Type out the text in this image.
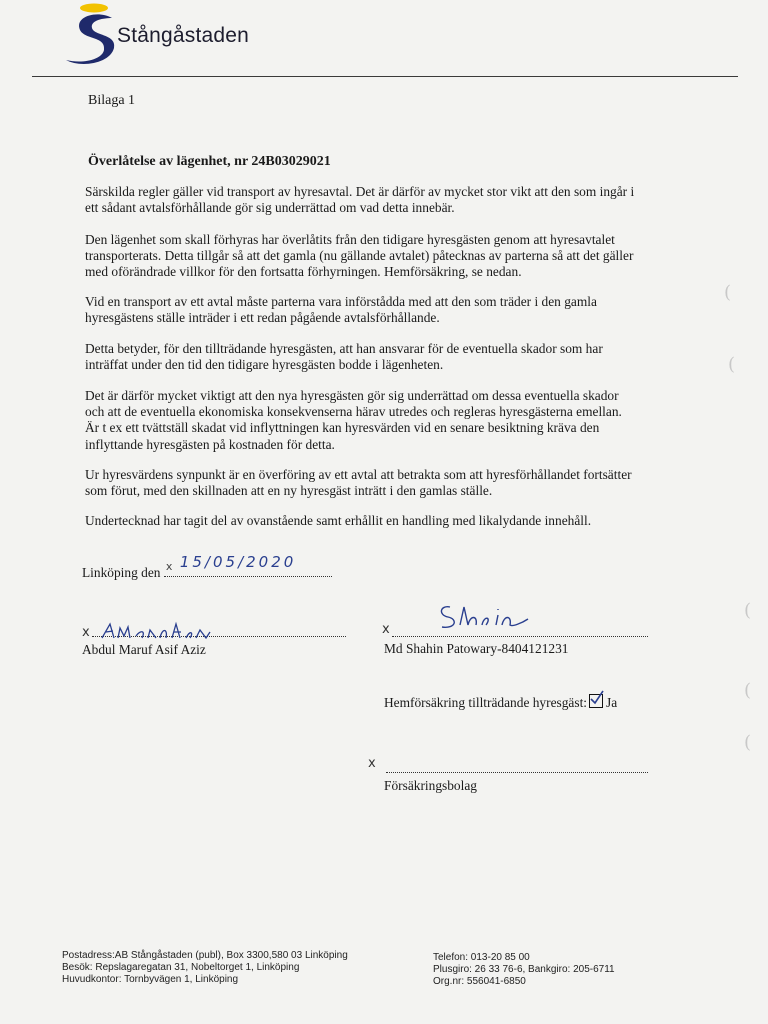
Stångåstaden
Bilaga 1
Överlåtelse av lägenhet, nr 24B03029021

Särskilda regler gäller vid transport av hyresavtal. Det är därför av mycket stor vikt att den som ingår i
ett sådant avtalsförhållande gör sig underrättad om vad detta innebär.

Den lägenhet som skall förhyras har överlåtits från den tidigare hyresgästen genom att hyresavtalet
transporterats. Detta tillgår så att det gamla (nu gällande avtalet) påtecknas av parterna så att det gäller
med oförändrade villkor för den fortsatta förhyrningen. Hemförsäkring, se nedan.

Vid en transport av ett avtal måste parterna vara införstådda med att den som träder i den gamla
hyresgästens ställe inträder i ett redan pågående avtalsförhållande.

Detta betyder, för den tillträdande hyresgästen, att han ansvarar för de eventuella skador som har
inträffat under den tid den tidigare hyresgästen bodde i lägenheten.

Det är därför mycket viktigt att den nya hyresgästen gör sig underrättad om dessa eventuella skador
och att de eventuella ekonomiska konsekvenserna härav utredes och regleras hyresgästerna emellan.
Är t ex ett tvättställ skadat vid inflyttningen kan hyresvärden vid en senare besiktning kräva den
inflyttande hyresgästen på kostnaden för detta.

Ur hyresvärdens synpunkt är en överföring av ett avtal att betrakta som att hyresförhållandet fortsätter
som förut, med den skillnaden att en ny hyresgäst inträtt i den gamlas ställe.

Undertecknad har tagit del av ovanstående samt erhållit en handling med likalydande innehåll.

Linköping den x 15/05/2020
x
Abdul Maruf Asif Aziz
x
Md Shahin Patowary-8404121231
Hemförsäkring tillträdande hyresgäst: Ja
x
Försäkringsbolag
Postadress:AB Stångåstaden (publ), Box 3300,580 03 Linköping
Besök: Repslagaregatan 31, Nobeltorget 1, Linköping
Huvudkontor: Tornbyvägen 1, Linköping
Telefon: 013-20 85 00
Plusgiro: 26 33 76-6, Bankgiro: 205-6711
Org.nr: 556041-6850
(
(
(
(
(
